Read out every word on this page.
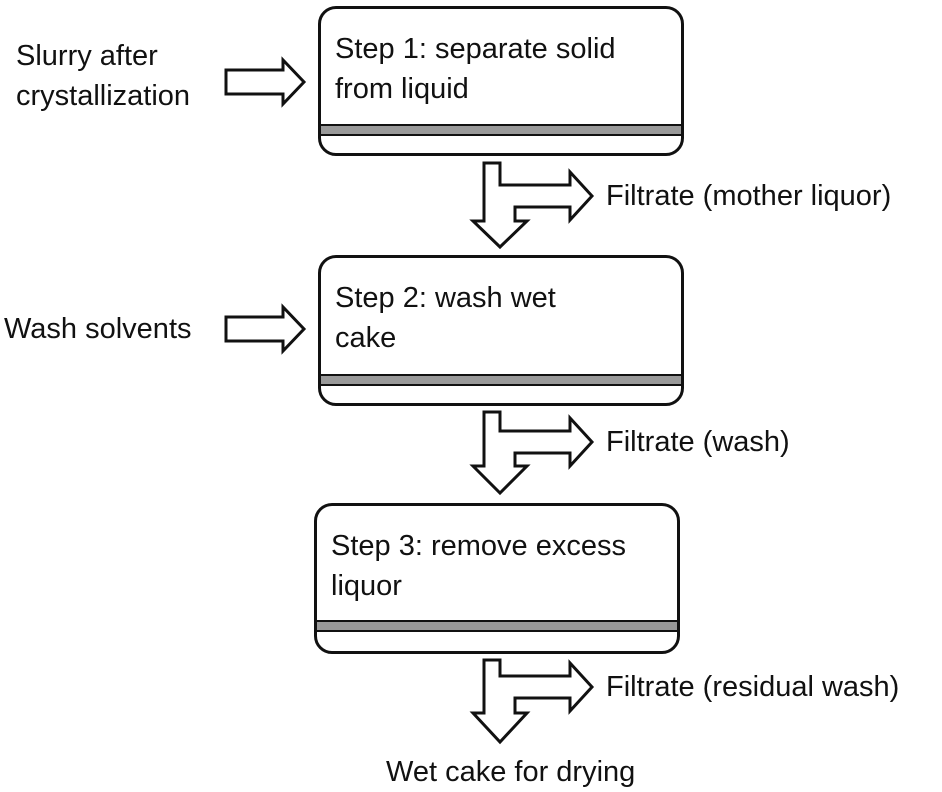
Slurry after
crystallization
Wash solvents
Step 1: separate solid
from liquid
Step 2: wash wet
cake
Step 3: remove excess
liquor
Filtrate (mother liquor)
Filtrate (wash)
Filtrate (residual wash)
Wet cake for drying
